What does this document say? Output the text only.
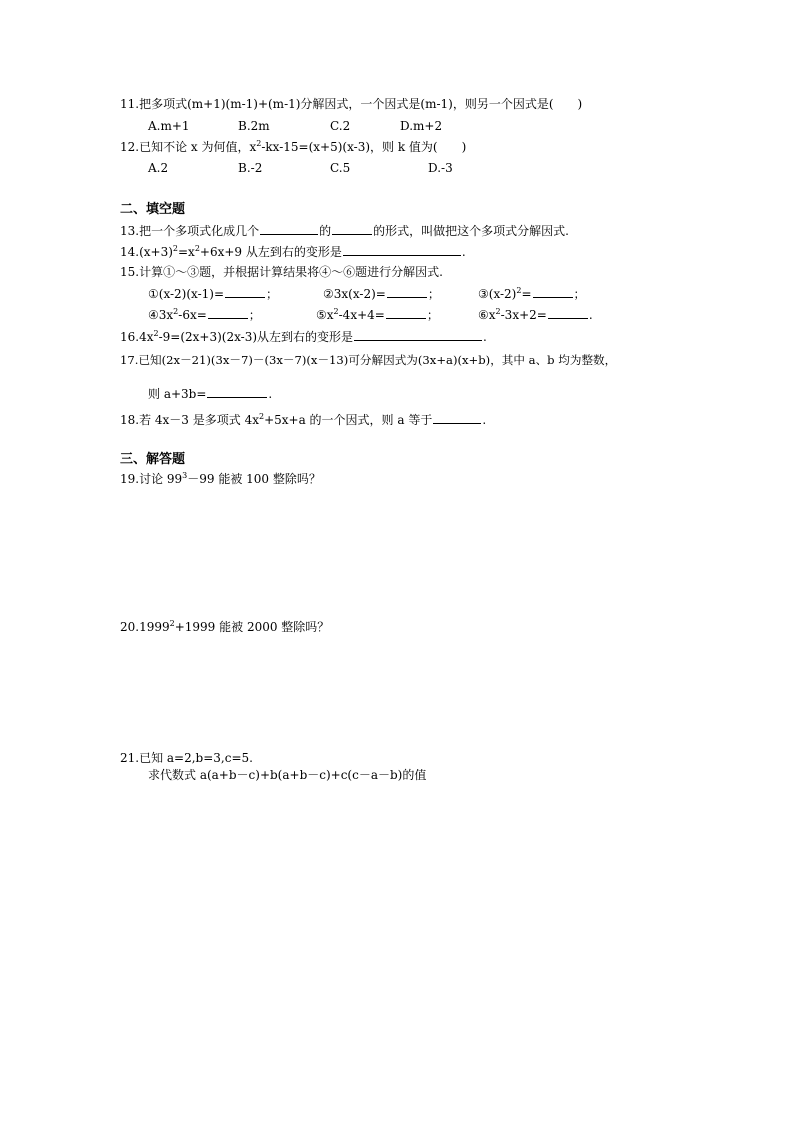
11.把多项式(m+1)(m-1)+(m-1)分解因式，一个因式是(m-1)，则另一个因式是(　　)
A.m+1	B.2m	C.2	D.m+2
12.已知不论 x 为何值，$x^2-kx-15=(x+5)(x-3)$，则 k 值为(　　)
A.2	B.-2	C.5	D.-3
二、填空题
13.把一个多项式化成几个	的	的形式，叫做把这个多项式分解因式.
$14.(x+3)^2=x^2+6x+9$ 从左到右的变形是	.
15.计算①～③题，并根据计算结果将④～⑥题进行分解因式.
①(x-2)(x-1)=	；	②3x(x-2)=	；	$③(x-2)^2=$	；
$④3x^2-6x=$	；	$⑤x^2-4x+4=$	；	$⑥x^2-3x+2=$	.
$16.4x^2-9=(2x+3)(2x-3)$从左到右的变形是	.
17.已知(2x－21)(3x－7)－(3x－7)(x－13)可分解因式为(3x+a)(x+b)，其中 a、b 均为整数，
则 a+3b=	.
18.若 4x－3 是多项式 $4x^2+5x+a$ 的一个因式，则 a 等于	.
三、解答题
19.讨论 $99^3-99$ 能被 100 整除吗？
$20.1999^2+1999$ 能被 2000 整除吗？
21.已知 a=2,b=3,c=5.
求代数式 a(a+b－c)+b(a+b－c)+c(c－a－b)的值
